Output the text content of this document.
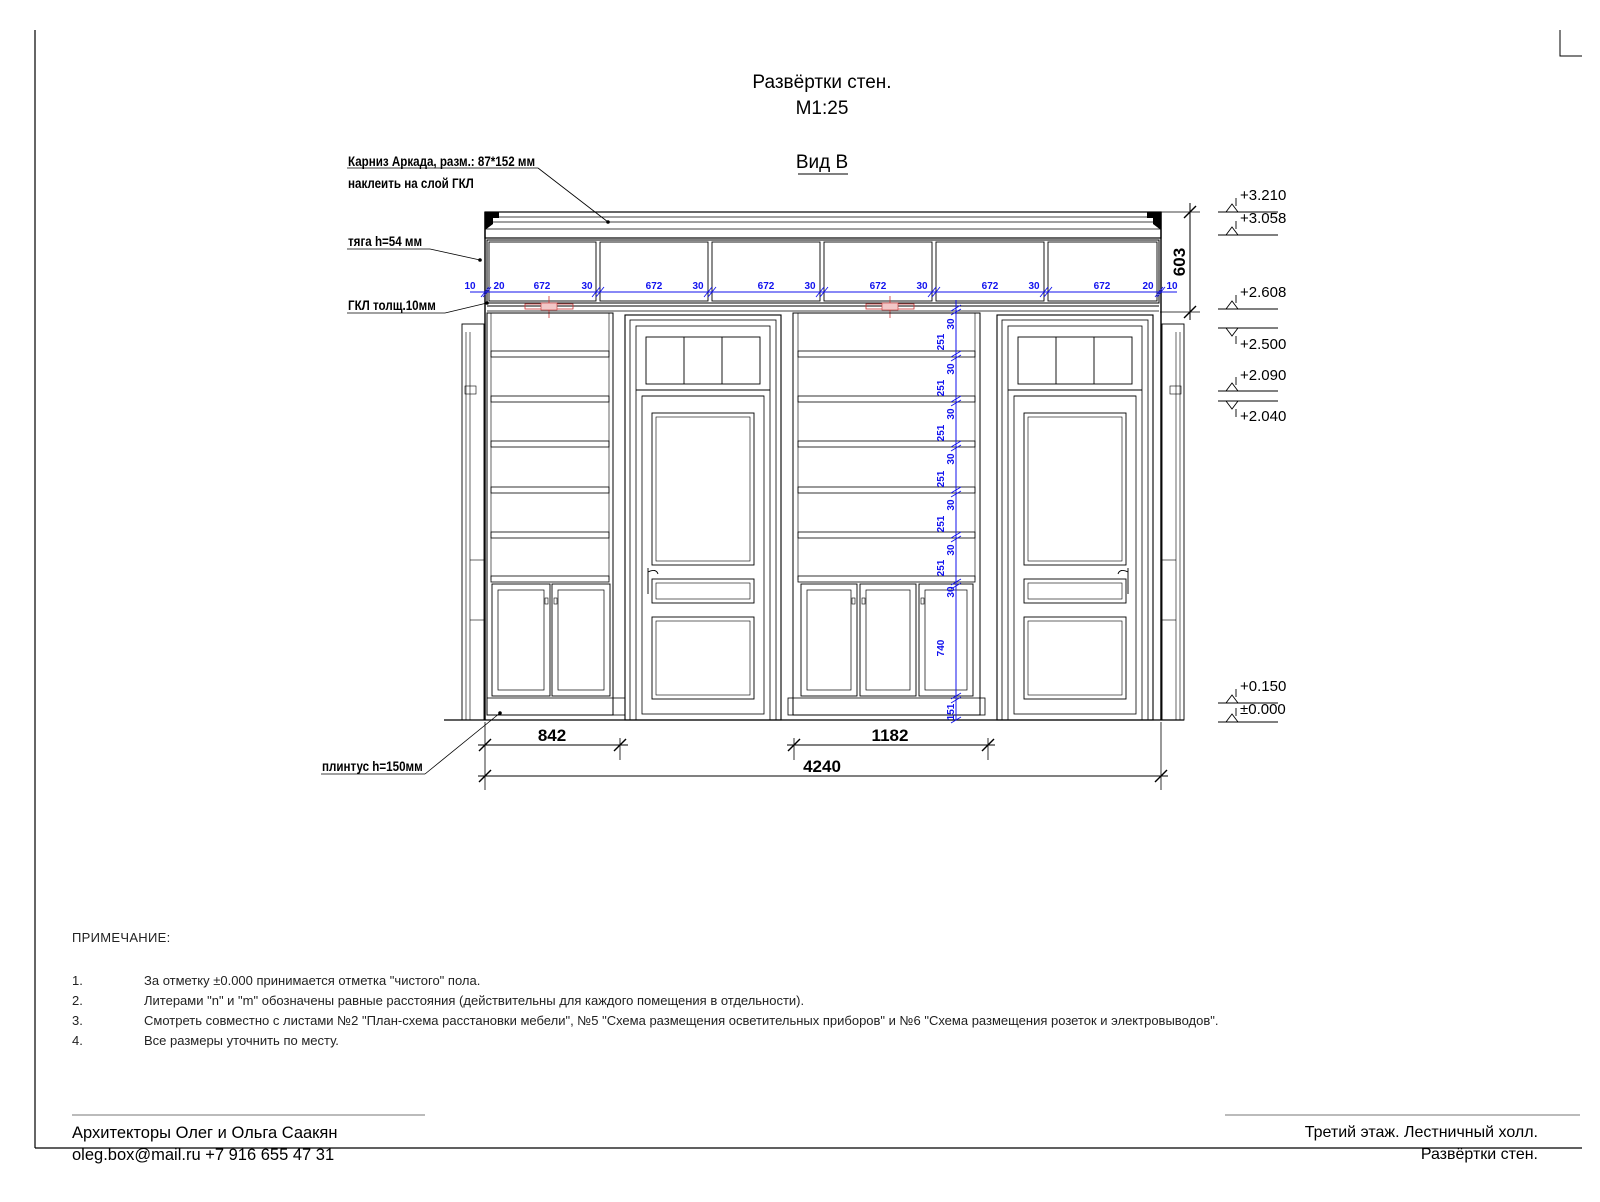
Развёртки стен.
М1:25
Вид В
Карниз Аркада, разм.: 87*152 мм
наклеить на слой ГКЛ
тяга h=54 мм
ГКЛ толщ.10мм
плинтус h=150мм
603
842	1182
4240
10 20	672	30	672	30	672	30	672	30	672	30	672	20 10
30
251
30
251
30
251
30
251
30
251
30
251
30
740
151
+3.210
+3.058
+2.608
+2.500
+2.090
+2.040
+0.150
±0.000
ПРИМЕЧАНИЕ:
1.	За отметку ±0.000 принимается отметка "чистого" пола.
2.	Литерами "n" и "m" обозначены равные расстояния (действительны для каждого помещения в отдельности).
3.	Смотреть совместно с листами №2 "План-схема расстановки мебели", №5 "Схема размещения осветительных приборов" и №6 "Схема размещения розеток и электровыводов".
4.	Все размеры уточнить по месту.
Архитекторы Олег и Ольга Саакян
oleg.box@mail.ru +7 916 655 47 31
Третий этаж. Лестничный холл.
Развёртки стен.
